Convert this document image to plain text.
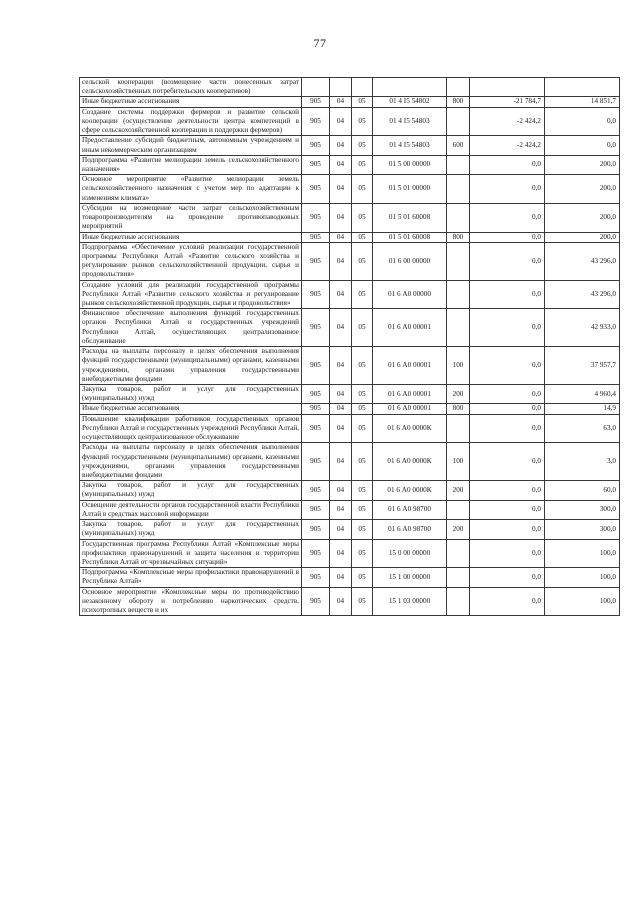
77
сельской кооперации (возмещение части понесенных затрат сельскохозяйственных потребительских кооперативов)							
Иные бюджетные ассигнования	905	04	05	01 4 I5 54802	800	-21 784,7	14 851,7
Создание системы поддержки фермеров и развитие сельской кооперации (осуществление деятельности центра компетенций в сфере сельскохозяйственной кооперации и поддержки фермеров)	905	04	05	01 4 I5 54803		-2 424,2	0,0
Предоставление субсидий бюджетным, автономным учреждениям и иным некоммерческим организациям	905	04	05	01 4 I5 54803	600	-2 424,2	0,0
Подпрограмма «Развитие мелиорации земель сельскохозяйственного назначения»	905	04	05	01 5 00 00000		0,0	200,0
Основное мероприятие «Развитие мелиорации земель сельскохозяйственного назначения с учетом мер по адаптации к изменениям климата»	905	04	05	01 5 01 00000		0,0	200,0
Субсидии на возмещение части затрат сельскохозяйственным товаропроизводителям на проведение противопаводковых мероприятий	905	04	05	01 5 01 60008		0,0	200,0
Иные бюджетные ассигнования	905	04	05	01 5 01 60008	800	0,0	200,0
Подпрограмма «Обеспечение условий реализации государственной программы Республики Алтай «Развитие сельского хозяйства и регулирование рынков сельскохозяйственной продукции, сырья и продовольствия»	905	04	05	01 6 00 00000		0,0	43 296,0
Создание условий для реализации государственной программы Республики Алтай «Развитие сельского хозяйства и регулирование рынков сельскохозяйственной продукции, сырья и продовольствия»	905	04	05	01 6 А0 00000		0,0	43 296,0
Финансовое обеспечение выполнения функций государственных органов Республики Алтай и государственных учреждений Республики Алтай, осуществляющих централизованное обслуживание	905	04	05	01 6 А0 00001		0,0	42 933,0
Расходы на выплаты персоналу в целях обеспечения выполнения функций государственными (муниципальными) органами, казенными учреждениями, органами управления государственными внебюджетными фондами	905	04	05	01 6 А0 00001	100	0,0	37 957,7
Закупка товаров, работ и услуг для государственных (муниципальных) нужд	905	04	05	01 6 А0 00001	200	0,0	4 960,4
Иные бюджетные ассигнования	905	04	05	01 6 А0 00001	800	0,0	14,9
Повышение квалификации работников государственных органов Республики Алтай и государственных учреждений Республики Алтай, осуществляющих централизованное обслуживание	905	04	05	01 6 А0 0000К		0,0	63,0
Расходы на выплаты персоналу в целях обеспечения выполнения функций государственными (муниципальными) органами, казенными учреждениями, органами управления государственными внебюджетными фондами	905	04	05	01 6 А0 0000К	100	0,0	3,0
Закупка товаров, работ и услуг для государственных (муниципальных) нужд	905	04	05	01 6 А0 0000К	200	0,0	60,0
Освещение деятельности органов государственной власти Республики Алтай в средствах массовой информации	905	04	05	01 6 А0 98700		0,0	300,0
Закупка товаров, работ и услуг для государственных (муниципальных) нужд	905	04	05	01 6 А0 98700	200	0,0	300,0
Государственная программа Республики Алтай «Комплексные меры профилактики правонарушений и защита населения и территории Республики Алтай от чрезвычайных ситуаций»	905	04	05	15 0 00 00000		0,0	100,0
Подпрограмма «Комплексные меры профилактики правонарушений в Республике Алтай»	905	04	05	15 1 00 00000		0,0	100,0
Основное мероприятие «Комплексные меры по противодействию незаконному обороту и потреблению наркотических средств, психотропных веществ и их	905	04	05	15 1 03 00000		0,0	100,0
